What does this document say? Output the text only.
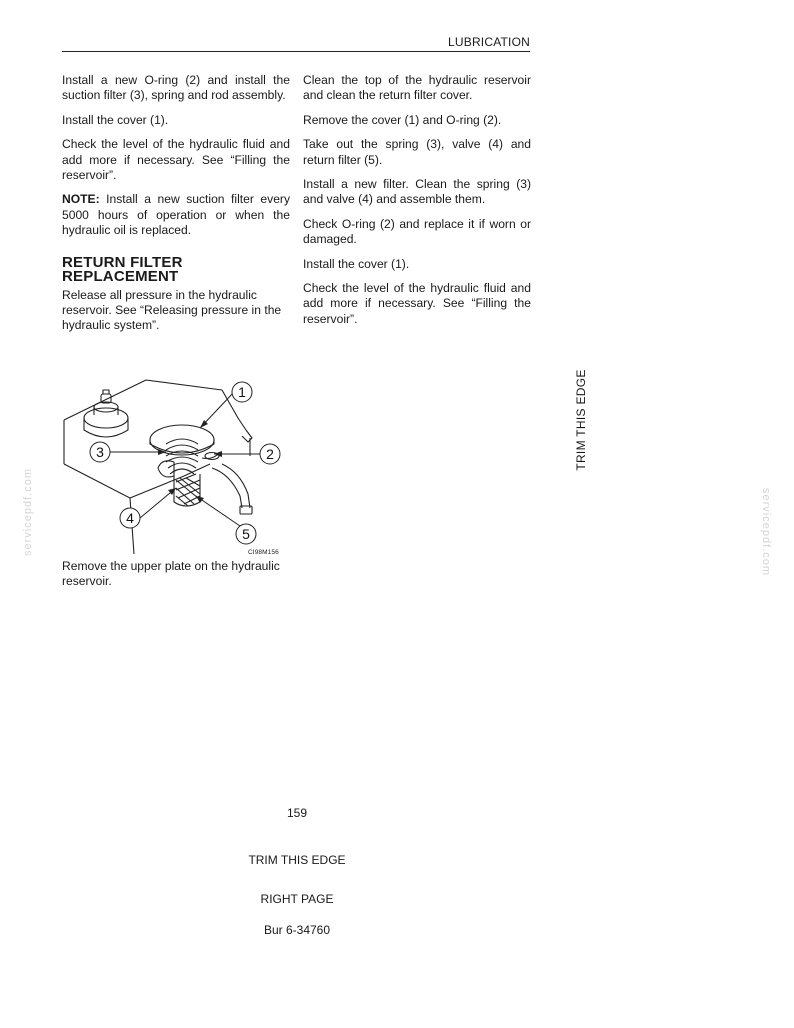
LUBRICATION

Install a new O-ring (2) and install the suction filter (3), spring and rod assembly.

Install the cover (1).

Check the level of the hydraulic fluid and add more if necessary. See “Filling the reservoir”.

NOTE: Install a new suction filter every 5000 hours of operation or when the hydraulic oil is replaced.

RETURN FILTER
REPLACEMENT

Release all pressure in the hydraulic reservoir. See “Releasing pressure in the hydraulic system”.

1
2
3
4
5
CI98M156
Remove the upper plate on the hydraulic reservoir.

Clean the top of the hydraulic reservoir and clean the return filter cover.

Remove the cover (1) and O-ring (2).

Take out the spring (3), valve (4) and return filter (5).

Install a new filter. Clean the spring (3) and valve (4) and assemble them.

Check O-ring (2) and replace it if worn or damaged.

Install the cover (1).

Check the level of the hydraulic fluid and add more if necessary. See “Filling the reservoir”.

TRIM THIS EDGE
servicepdf.com	servicepdf.com
159
TRIM THIS EDGE
RIGHT PAGE
Bur 6-34760
